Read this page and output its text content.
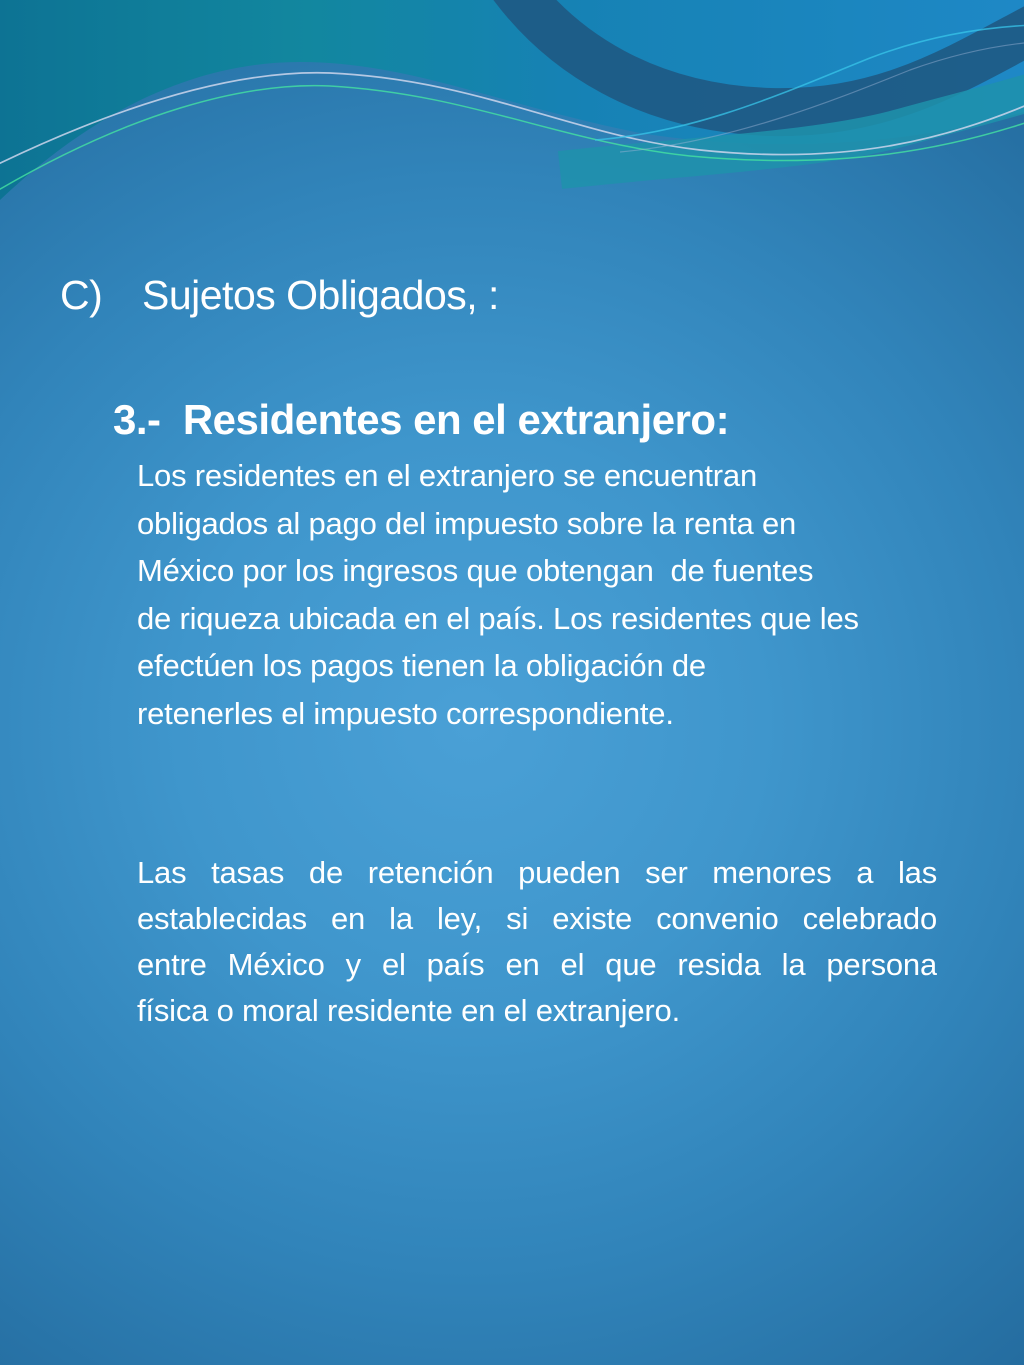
C) Sujetos Obligados, :
3.-  Residentes en el extranjero:
Los residentes en el extranjero se encuentran
obligados al pago del impuesto sobre la renta en
México por los ingresos que obtengan  de fuentes
de riqueza ubicada en el país. Los residentes que les
efectúen los pagos tienen la obligación de
retenerles el impuesto correspondiente.
Las tasas de retención pueden ser menores a las
establecidas en la ley, si existe convenio celebrado
entre México y el país en el que resida la persona
física o moral residente en el extranjero.
